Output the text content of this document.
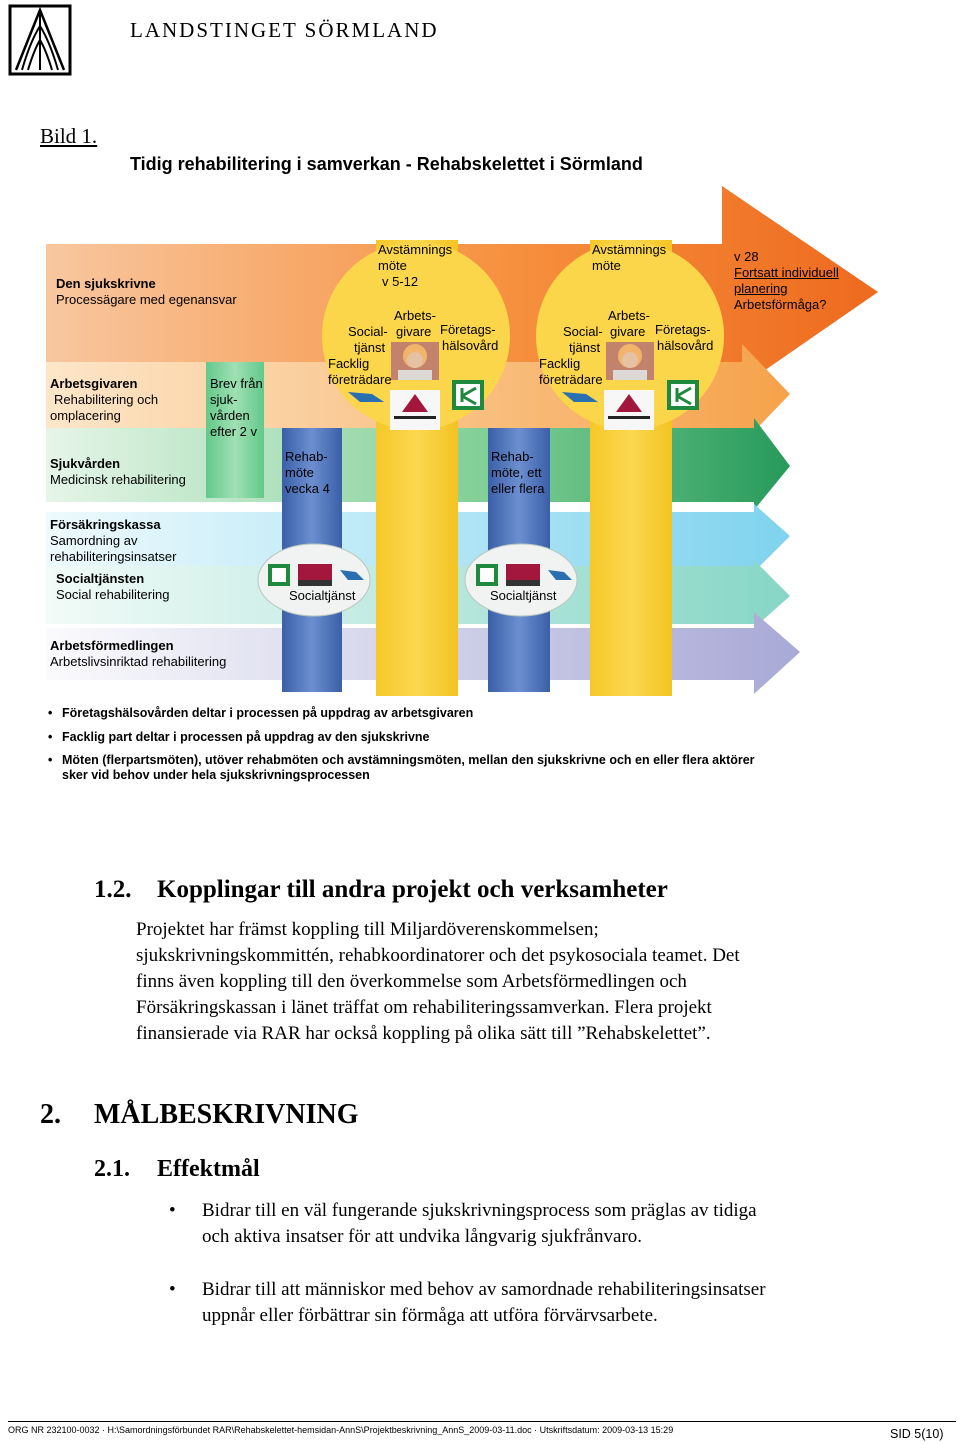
LANDSTINGET SÖRMLAND
Bild 1.
Tidig rehabilitering i samverkan - Rehabskelettet i Sörmland
Den sjukskrivne
Processägare med egenansvar
Arbetsgivaren
Rehabilitering och
omplacering
Sjukvården
Medicinsk rehabilitering
Försäkringskassa
Samordning av
rehabiliteringsinsatser
Socialtjänsten
Social rehabilitering
Arbetsförmedlingen
Arbetslivsinriktad rehabilitering
Brev från
sjuk-
vården
efter 2 v
Rehab-
möte
vecka 4
Rehab-
möte, ett
eller flera
Avstämnings
möte
v 5-12
Arbets-
givare
Social-
tjänst
Företags-
hälsovård
Facklig
företrädare
Avstämnings
möte
Arbets-
givare
Social-
tjänst
Företags-
hälsovård
Facklig
företrädare
Socialtjänst	Socialtjänst
v 28
Fortsatt individuell
planering
Arbetsförmåga?
• Företagshälsovården deltar i processen på uppdrag av arbetsgivaren
• Facklig part deltar i processen på uppdrag av den sjukskrivne
• Möten (flerpartsmöten), utöver rehabmöten och avstämningsmöten, mellan den sjukskrivne och en eller flera aktörer
sker vid behov under hela sjukskrivningsprocessen
1.2. Kopplingar till andra projekt och verksamheter
Projektet har främst koppling till Miljardöverenskommelsen;
sjukskrivningskommittén, rehabkoordinatorer och det psykosociala teamet. Det
finns även koppling till den överkommelse som Arbetsförmedlingen och
Försäkringskassan i länet träffat om rehabiliteringssamverkan. Flera projekt
finansierade via RAR har också koppling på olika sätt till ”Rehabskelettet”.
2. MÅLBESKRIVNING
2.1. Effektmål
• Bidrar till en väl fungerande sjukskrivningsprocess som präglas av tidiga
och aktiva insatser för att undvika långvarig sjukfrånvaro.
• Bidrar till att människor med behov av samordnade rehabiliteringsinsatser
uppnår eller förbättrar sin förmåga att utföra förvärvsarbete.
ORG NR 232100-0032 · H:\Samordningsförbundet RAR\Rehabskelettet-hemsidan-AnnS\Projektbeskrivning_AnnS_2009-03-11.doc · Utskriftsdatum: 2009-03-13 15:29	SID 5(10)
